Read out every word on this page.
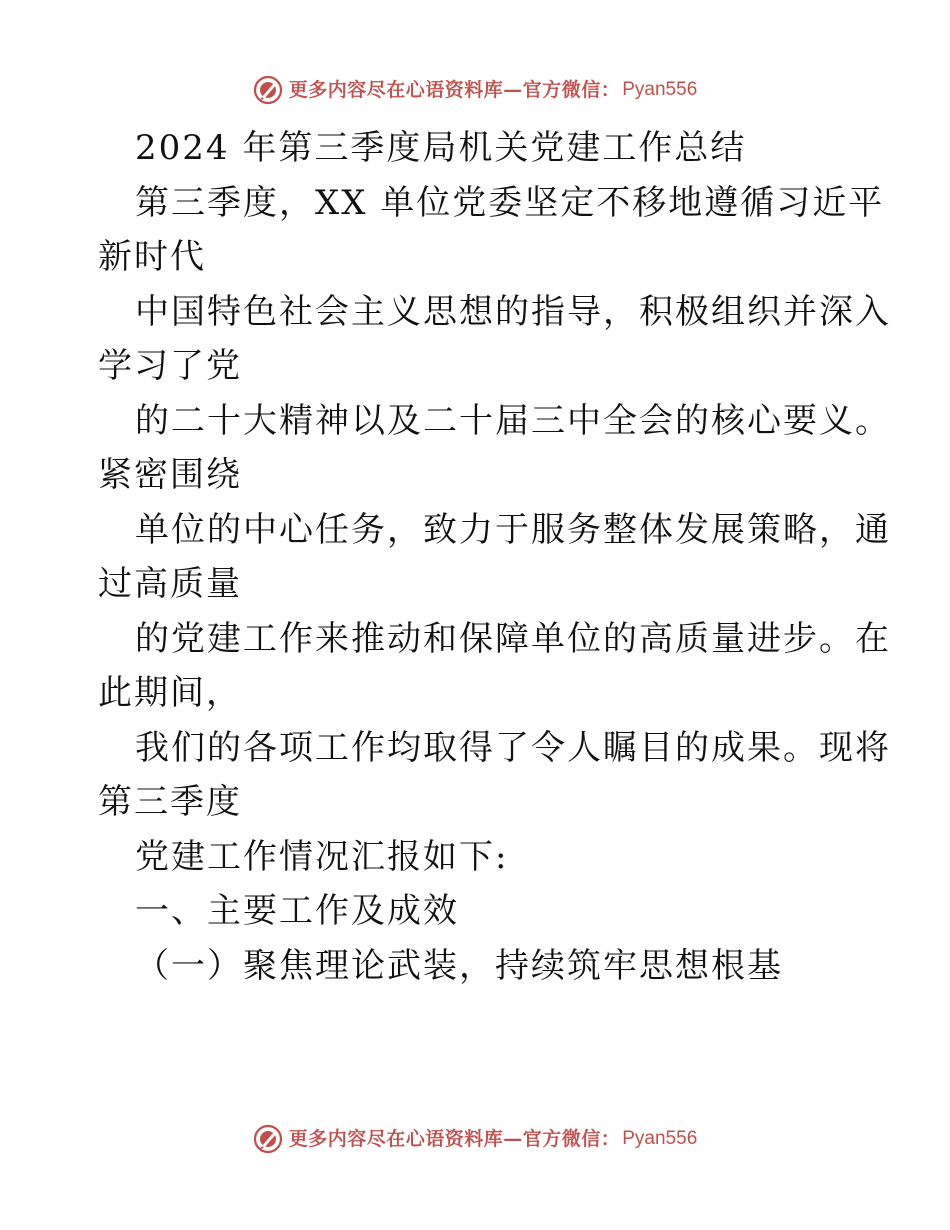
更多内容尽在心语资料库—官方微信： Pyan556
2024 年第三季度局机关党建工作总结
第三季度，XX 单位党委坚定不移地遵循习近平
新时代
中国特色社会主义思想的指导，积极组织并深入
学习了党
的二十大精神以及二十届三中全会的核心要义。
紧密围绕
单位的中心任务，致力于服务整体发展策略，通
过高质量
的党建工作来推动和保障单位的高质量进步。在
此期间，
我们的各项工作均取得了令人瞩目的成果。现将
第三季度
党建工作情况汇报如下:
一、主要工作及成效
（一）聚焦理论武装，持续筑牢思想根基
更多内容尽在心语资料库—官方微信： Pyan556
